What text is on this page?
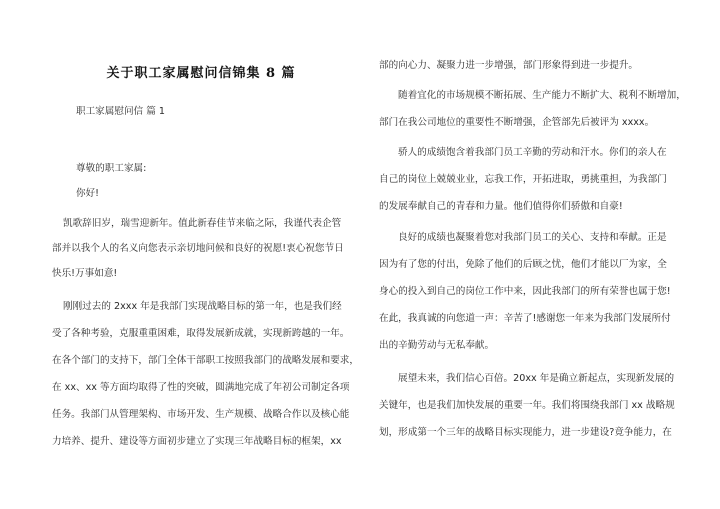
关于职工家属慰问信锦集 8 篇
职工家属慰问信 篇 1
尊敬的职工家属:
你好!
凯歌辞旧岁，瑞雪迎新年。值此新春佳节来临之际，我谨代表企管
部并以我个人的名义向您表示亲切地问候和良好的祝愿!衷心祝您节日
快乐!万事如意!
刚刚过去的 2xxx 年是我部门实现战略目标的第一年，也是我们经
受了各种考验，克服重重困难，取得发展新成就，实现新跨越的一年。
在各个部门的支持下，部门全体干部职工按照我部门的战略发展和要求，
在 xx、xx 等方面均取得了性的突破，圆满地完成了年初公司制定各项
任务。我部门从管理架构、市场开发、生产规模、战略合作以及核心能
力培养、提升、建设等方面初步建立了实现三年战略目标的框架，xx
部的向心力、凝聚力进一步增强，部门形象得到进一步提升。
随着宜化的市场规模不断拓展、生产能力不断扩大、税利不断增加，
部门在我公司地位的重要性不断增强，企管部先后被评为 xxxx。
骄人的成绩饱含着我部门员工辛勤的劳动和汗水。你们的亲人在
自己的岗位上兢兢业业，忘我工作，开拓进取，勇挑重担，为我部门
的发展奉献自己的青春和力量。他们值得你们骄傲和自豪!
良好的成绩也凝聚着您对我部门员工的关心、支持和奉献。正是
因为有了您的付出，免除了他们的后顾之忧，他们才能以厂为家，全
身心的投入到自己的岗位工作中来，因此我部门的所有荣誉也属于您!
在此，我真诚的向您道一声：辛苦了!感谢您一年来为我部门发展所付
出的辛勤劳动与无私奉献。
展望未来，我们信心百倍。20xx 年是确立新起点，实现新发展的
关键年，也是我们加快发展的重要一年。我们将围绕我部门 xx 战略规
划，形成第一个三年的战略目标实现能力，进一步建设?竟争能力，在
